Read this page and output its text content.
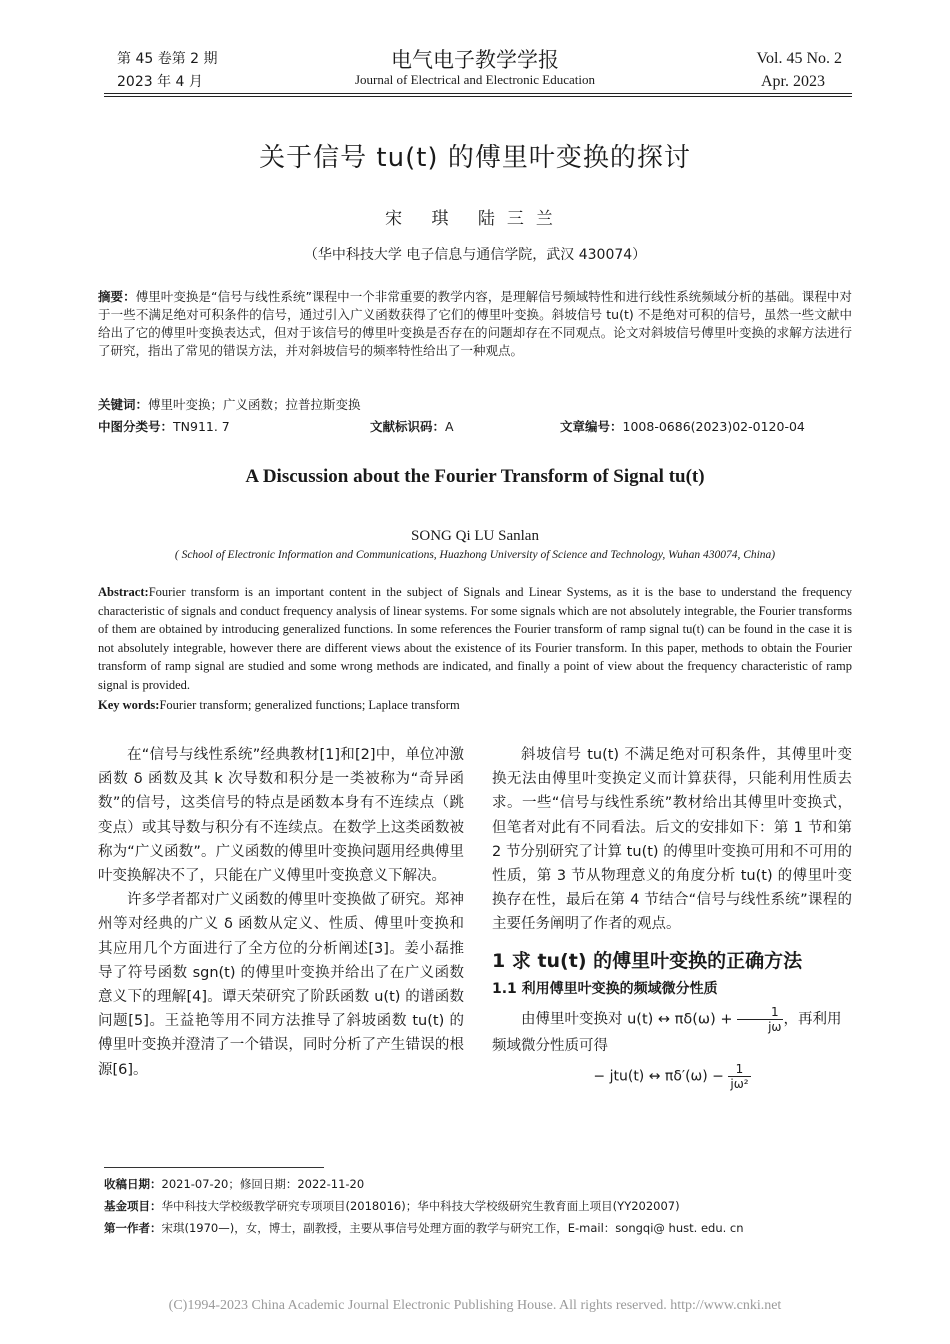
第 45 卷第 2 期
2023 年 4 月
电气电子教学学报
Journal of Electrical and Electronic Education
Vol. 45 No. 2
Apr. 2023
关于信号 tu(t) 的傅里叶变换的探讨
宋 琪 陆三兰
（华中科技大学 电子信息与通信学院，武汉 430074）
摘要：傅里叶变换是“信号与线性系统”课程中一个非常重要的教学内容，是理解信号频域特性和进行线性系统频域分析的基础。课程中对于一些不满足绝对可积条件的信号，通过引入广义函数获得了它们的傅里叶变换。斜坡信号 tu(t) 不是绝对可积的信号，虽然一些文献中给出了它的傅里叶变换表达式，但对于该信号的傅里叶变换是否存在的问题却存在不同观点。论文对斜坡信号傅里叶变换的求解方法进行了研究，指出了常见的错误方法，并对斜坡信号的频率特性给出了一种观点。
关键词：傅里叶变换；广义函数；拉普拉斯变换
中图分类号：TN911. 7	文献标识码：A	文章编号：1008-0686(2023)02-0120-04
A Discussion about the Fourier Transform of Signal tu(t)
SONG Qi LU Sanlan
( School of Electronic Information and Communications, Huazhong University of Science and Technology, Wuhan 430074, China)
Abstract:Fourier transform is an important content in the subject of Signals and Linear Systems, as it is the base to understand the frequency characteristic of signals and conduct frequency analysis of linear systems. For some signals which are not absolutely integrable, the Fourier transforms of them are obtained by introducing generalized functions. In some references the Fourier transform of ramp signal tu(t) can be found in the case it is not absolutely integrable, however there are different views about the existence of its Fourier transform. In this paper, methods to obtain the Fourier transform of ramp signal are studied and some wrong methods are indicated, and finally a point of view about the frequency characteristic of ramp signal is provided.
Key words:Fourier transform; generalized functions; Laplace transform

在“信号与线性系统”经典教材[1]和[2]中，单位冲激函数 δ 函数及其 k 次导数和积分是一类被称为“奇异函数”的信号，这类信号的特点是函数本身有不连续点（跳变点）或其导数与积分有不连续点。在数学上这类函数被称为“广义函数”。广义函数的傅里叶变换问题用经典傅里叶变换解决不了，只能在广义傅里叶变换意义下解决。

许多学者都对广义函数的傅里叶变换做了研究。郑神州等对经典的广义 δ 函数从定义、性质、傅里叶变换和其应用几个方面进行了全方位的分析阐述[3]。姜小磊推导了符号函数 sgn(t) 的傅里叶变换并给出了在广义函数意义下的理解[4]。谭天荣研究了阶跃函数 u(t) 的谱函数问题[5]。王益艳等用不同方法推导了斜坡函数 tu(t) 的傅里叶变换并澄清了一个错误，同时分析了产生错误的根源[6]。

斜坡信号 tu(t) 不满足绝对可积条件，其傅里叶变换无法由傅里叶变换定义而计算获得，只能利用性质去求。一些“信号与线性系统”教材给出其傅里叶变换式，但笔者对此有不同看法。后文的安排如下：第 1 节和第 2 节分别研究了计算 tu(t) 的傅里叶变换可用和不可用的性质，第 3 节从物理意义的角度分析 tu(t) 的傅里叶变换存在性，最后在第 4 节结合“信号与线性系统”课程的主要任务阐明了作者的观点。

1 求 tu(t) 的傅里叶变换的正确方法
1.1 利用傅里叶变换的频域微分性质

由傅里叶变换对 u(t) ↔ $\pi\delta(\omega) + \frac{1}{j\omega}$ ，再利用

频域微分性质可得
− jtu(t) ↔ $\pi\delta'(\omega) - \frac{1}{\text{jω²}}$
收稿日期：2021-07-20；修回日期：2022-11-20
基金项目：华中科技大学校级教学研究专项项目(2018016)；华中科技大学校级研究生教育面上项目(YY202007)
第一作者：宋琪(1970—)，女，博士，副教授，主要从事信号处理方面的教学与研究工作，E-mail：songqi@ hust. edu. cn
(C)1994-2023 China Academic Journal Electronic Publishing House. All rights reserved. http://www.cnki.net
